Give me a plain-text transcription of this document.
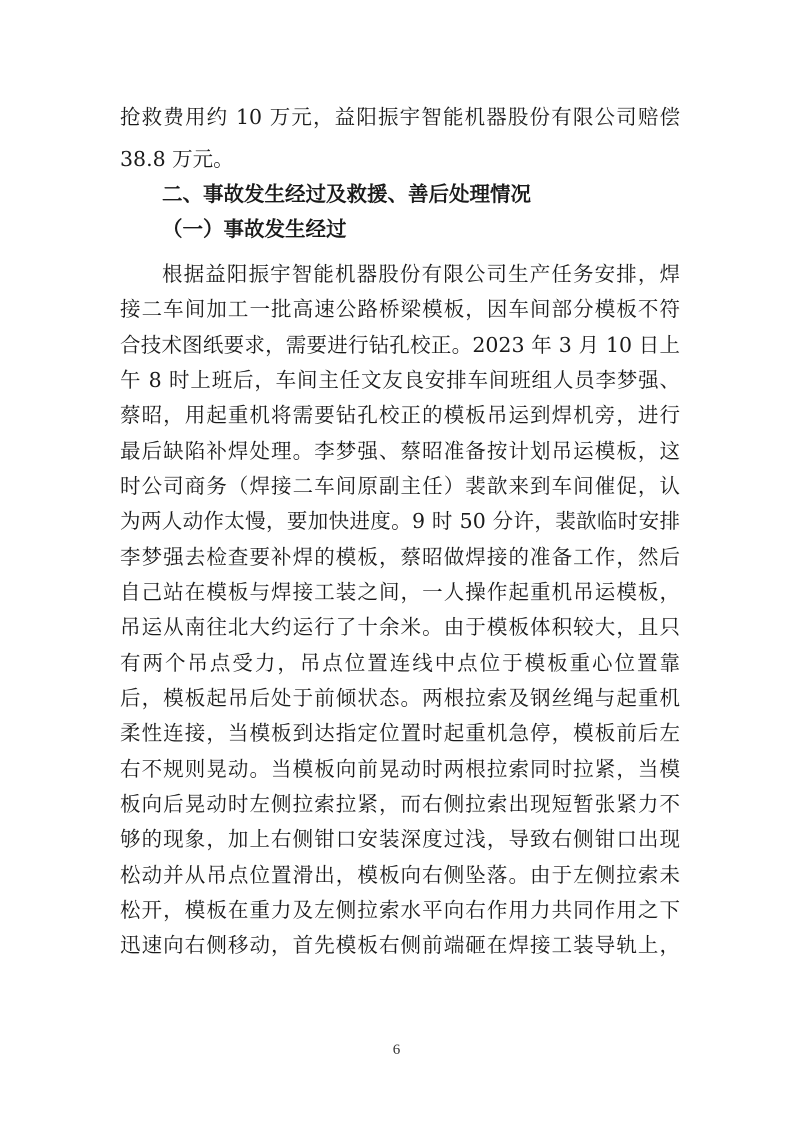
抢救费用约 10 万元，益阳振宇智能机器股份有限公司赔偿
38.8 万元。
二、事故发生经过及救援、善后处理情况
（一）事故发生经过
根据益阳振宇智能机器股份有限公司生产任务安排，焊
接二车间加工一批高速公路桥梁模板，因车间部分模板不符
合技术图纸要求，需要进行钻孔校正。2023 年 3 月 10 日上
午 8 时上班后，车间主任文友良安排车间班组人员李梦强、
蔡昭，用起重机将需要钻孔校正的模板吊运到焊机旁，进行
最后缺陷补焊处理。李梦强、蔡昭准备按计划吊运模板，这
时公司商务（焊接二车间原副主任）裴歆来到车间催促，认
为两人动作太慢，要加快进度。9 时 50 分许，裴歆临时安排
李梦强去检查要补焊的模板，蔡昭做焊接的准备工作，然后
自己站在模板与焊接工装之间，一人操作起重机吊运模板，
吊运从南往北大约运行了十余米。由于模板体积较大，且只
有两个吊点受力，吊点位置连线中点位于模板重心位置靠
后，模板起吊后处于前倾状态。两根拉索及钢丝绳与起重机
柔性连接，当模板到达指定位置时起重机急停，模板前后左
右不规则晃动。当模板向前晃动时两根拉索同时拉紧，当模
板向后晃动时左侧拉索拉紧，而右侧拉索出现短暂张紧力不
够的现象，加上右侧钳口安装深度过浅，导致右侧钳口出现
松动并从吊点位置滑出，模板向右侧坠落。由于左侧拉索未
松开，模板在重力及左侧拉索水平向右作用力共同作用之下
迅速向右侧移动，首先模板右侧前端砸在焊接工装导轨上，
6
